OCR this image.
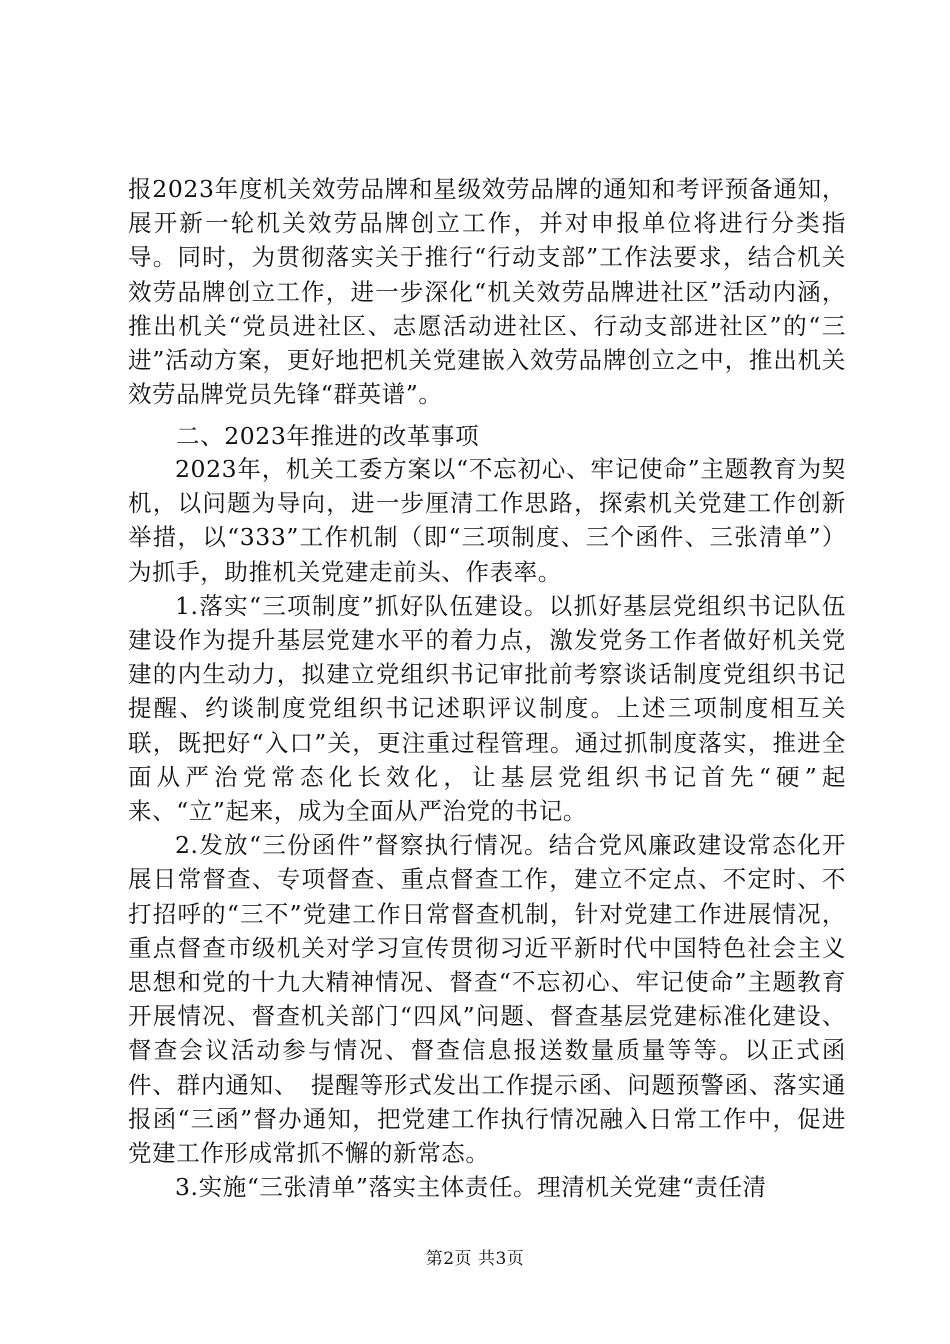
报2023年度机关效劳品牌和星级效劳品牌的通知和考评预备通知，展开新一轮机关效劳品牌创立工作，并对申报单位将进行分类指导。同时，为贯彻落实关于推行“行动支部”工作法要求，结合机关效劳品牌创立工作，进一步深化“机关效劳品牌进社区”活动内涵，推出机关“党员进社区、志愿活动进社区、行动支部进社区”的“三进”活动方案，更好地把机关党建嵌入效劳品牌创立之中，推出机关效劳品牌党员先锋“群英谱”。

二、2023年推进的改革事项

2023年，机关工委方案以“不忘初心、牢记使命”主题教育为契机，以问题为导向，进一步厘清工作思路，探索机关党建工作创新举措，以“333”工作机制（即“三项制度、三个函件、三张清单”）为抓手，助推机关党建走前头、作表率。

1.落实“三项制度”抓好队伍建设。以抓好基层党组织书记队伍建设作为提升基层党建水平的着力点，激发党务工作者做好机关党建的内生动力，拟建立党组织书记审批前考察谈话制度党组织书记提醒、约谈制度党组织书记述职评议制度。上述三项制度相互关联，既把好“入口”关，更注重过程管理。通过抓制度落实，推进全面从严治党常态化长效化，让基层党组织书记首先“硬”起来、“立”起来，成为全面从严治党的书记。

2.发放“三份函件”督察执行情况。结合党风廉政建设常态化开展日常督查、专项督查、重点督查工作，建立不定点、不定时、不打招呼的“三不”党建工作日常督查机制，针对党建工作进展情况，重点督查市级机关对学习宣传贯彻习近平新时代中国特色社会主义思想和党的十九大精神情况、督查“不忘初心、牢记使命”主题教育开展情况、督查机关部门“四风”问题、督查基层党建标准化建设、督查会议活动参与情况、督查信息报送数量质量等等。以正式函件、群内通知、　提醒等形式发出工作提示函、问题预警函、落实通报函“三函”督办通知，把党建工作执行情况融入日常工作中，促进党建工作形成常抓不懈的新常态。

3.实施“三张清单”落实主体责任。理清机关党建“责任清

第2页 共3页
